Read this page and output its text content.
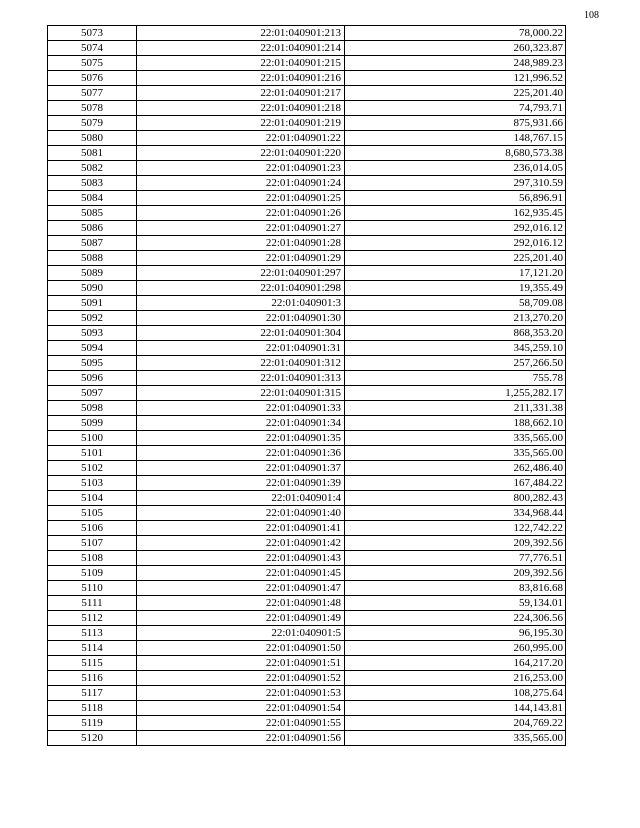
108
5073	22:01:040901:213	78,000.22
5074	22:01:040901:214	260,323.87
5075	22:01:040901:215	248,989.23
5076	22:01:040901:216	121,996.52
5077	22:01:040901:217	225,201.40
5078	22:01:040901:218	74,793.71
5079	22:01:040901:219	875,931.66
5080	22:01:040901:22	148,767.15
5081	22:01:040901:220	8,680,573.38
5082	22:01:040901:23	236,014.05
5083	22:01:040901:24	297,310.59
5084	22:01:040901:25	56,896.91
5085	22:01:040901:26	162,935.45
5086	22:01:040901:27	292,016.12
5087	22:01:040901:28	292,016.12
5088	22:01:040901:29	225,201.40
5089	22:01:040901:297	17,121.20
5090	22:01:040901:298	19,355.49
5091	22:01:040901:3	58,709.08
5092	22:01:040901:30	213,270.20
5093	22:01:040901:304	868,353.20
5094	22:01:040901:31	345,259.10
5095	22:01:040901:312	257,266.50
5096	22:01:040901:313	755.78
5097	22:01:040901:315	1,255,282.17
5098	22:01:040901:33	211,331.38
5099	22:01:040901:34	188,662.10
5100	22:01:040901:35	335,565.00
5101	22:01:040901:36	335,565.00
5102	22:01:040901:37	262,486.40
5103	22:01:040901:39	167,484.22
5104	22:01:040901:4	800,282.43
5105	22:01:040901:40	334,968.44
5106	22:01:040901:41	122,742.22
5107	22:01:040901:42	209,392.56
5108	22:01:040901:43	77,776.51
5109	22:01:040901:45	209,392.56
5110	22:01:040901:47	83,816.68
5111	22:01:040901:48	59,134.01
5112	22:01:040901:49	224,306.56
5113	22:01:040901:5	96,195.30
5114	22:01:040901:50	260,995.00
5115	22:01:040901:51	164,217.20
5116	22:01:040901:52	216,253.00
5117	22:01:040901:53	108,275.64
5118	22:01:040901:54	144,143.81
5119	22:01:040901:55	204,769.22
5120	22:01:040901:56	335,565.00
